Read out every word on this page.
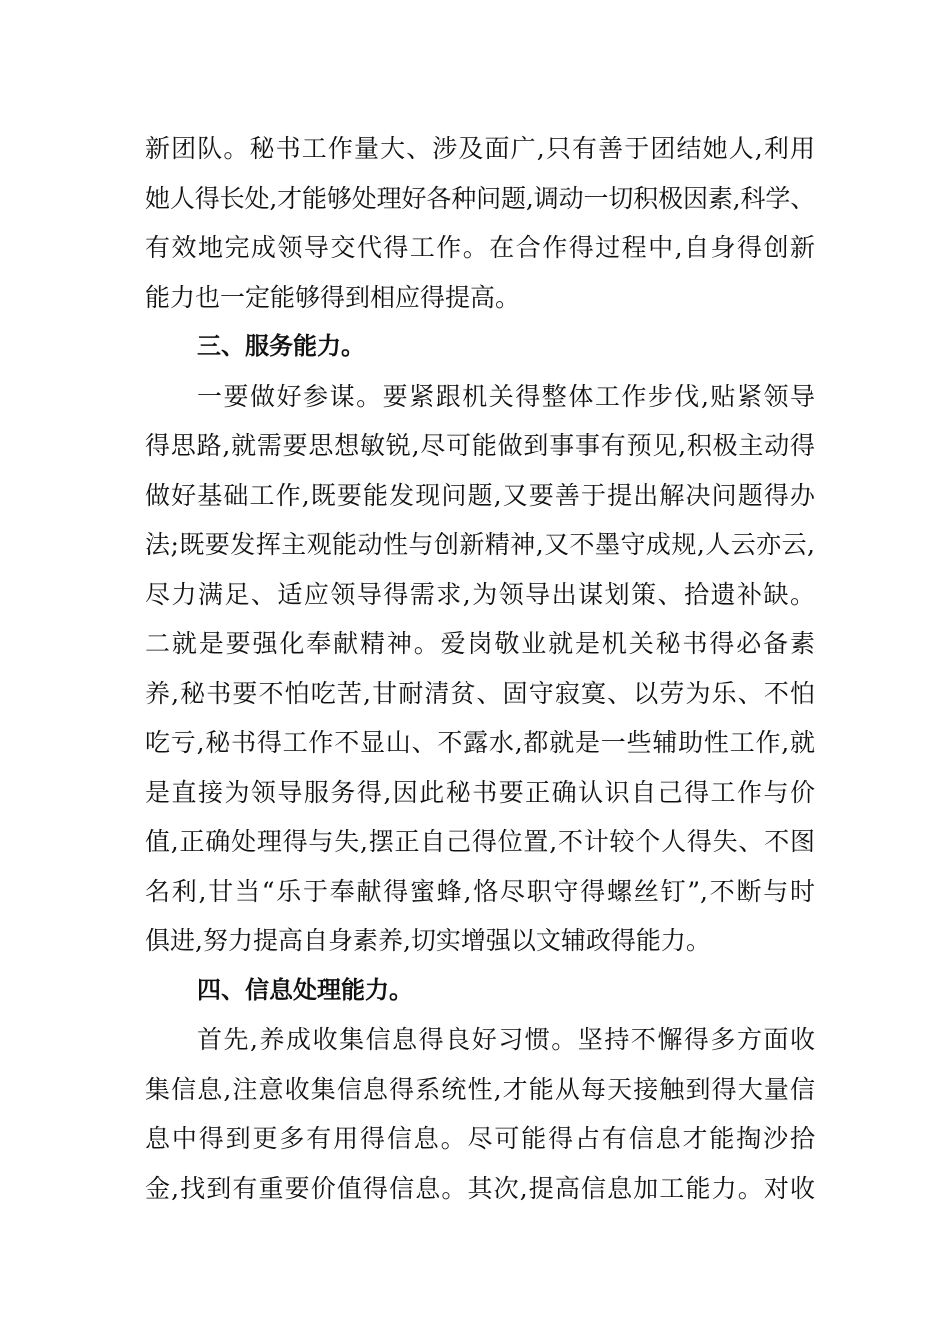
新团队。秘书工作量大、涉及面广,只有善于团结她人,利用
她人得长处,才能够处理好各种问题,调动一切积极因素,科学、
有效地完成领导交代得工作。在合作得过程中,自身得创新
能力也一定能够得到相应得提高。
三、服务能力。
一要做好参谋。要紧跟机关得整体工作步伐,贴紧领导
得思路,就需要思想敏锐,尽可能做到事事有预见,积极主动得
做好基础工作,既要能发现问题,又要善于提出解决问题得办
法;既要发挥主观能动性与创新精神,又不墨守成规,人云亦云,
尽力满足、适应领导得需求,为领导出谋划策、拾遗补缺。
二就是要强化奉献精神。爱岗敬业就是机关秘书得必备素
养,秘书要不怕吃苦,甘耐清贫、固守寂寞、以劳为乐、不怕
吃亏,秘书得工作不显山、不露水,都就是一些辅助性工作,就
是直接为领导服务得,因此秘书要正确认识自己得工作与价
值,正确处理得与失,摆正自己得位置,不计较个人得失、不图
名利,甘当“乐于奉献得蜜蜂,恪尽职守得螺丝钉”,不断与时
俱进,努力提高自身素养,切实增强以文辅政得能力。
四、信息处理能力。
首先,养成收集信息得良好习惯。坚持不懈得多方面收
集信息,注意收集信息得系统性,才能从每天接触到得大量信
息中得到更多有用得信息。尽可能得占有信息才能掏沙拾
金,找到有重要价值得信息。其次,提高信息加工能力。对收
